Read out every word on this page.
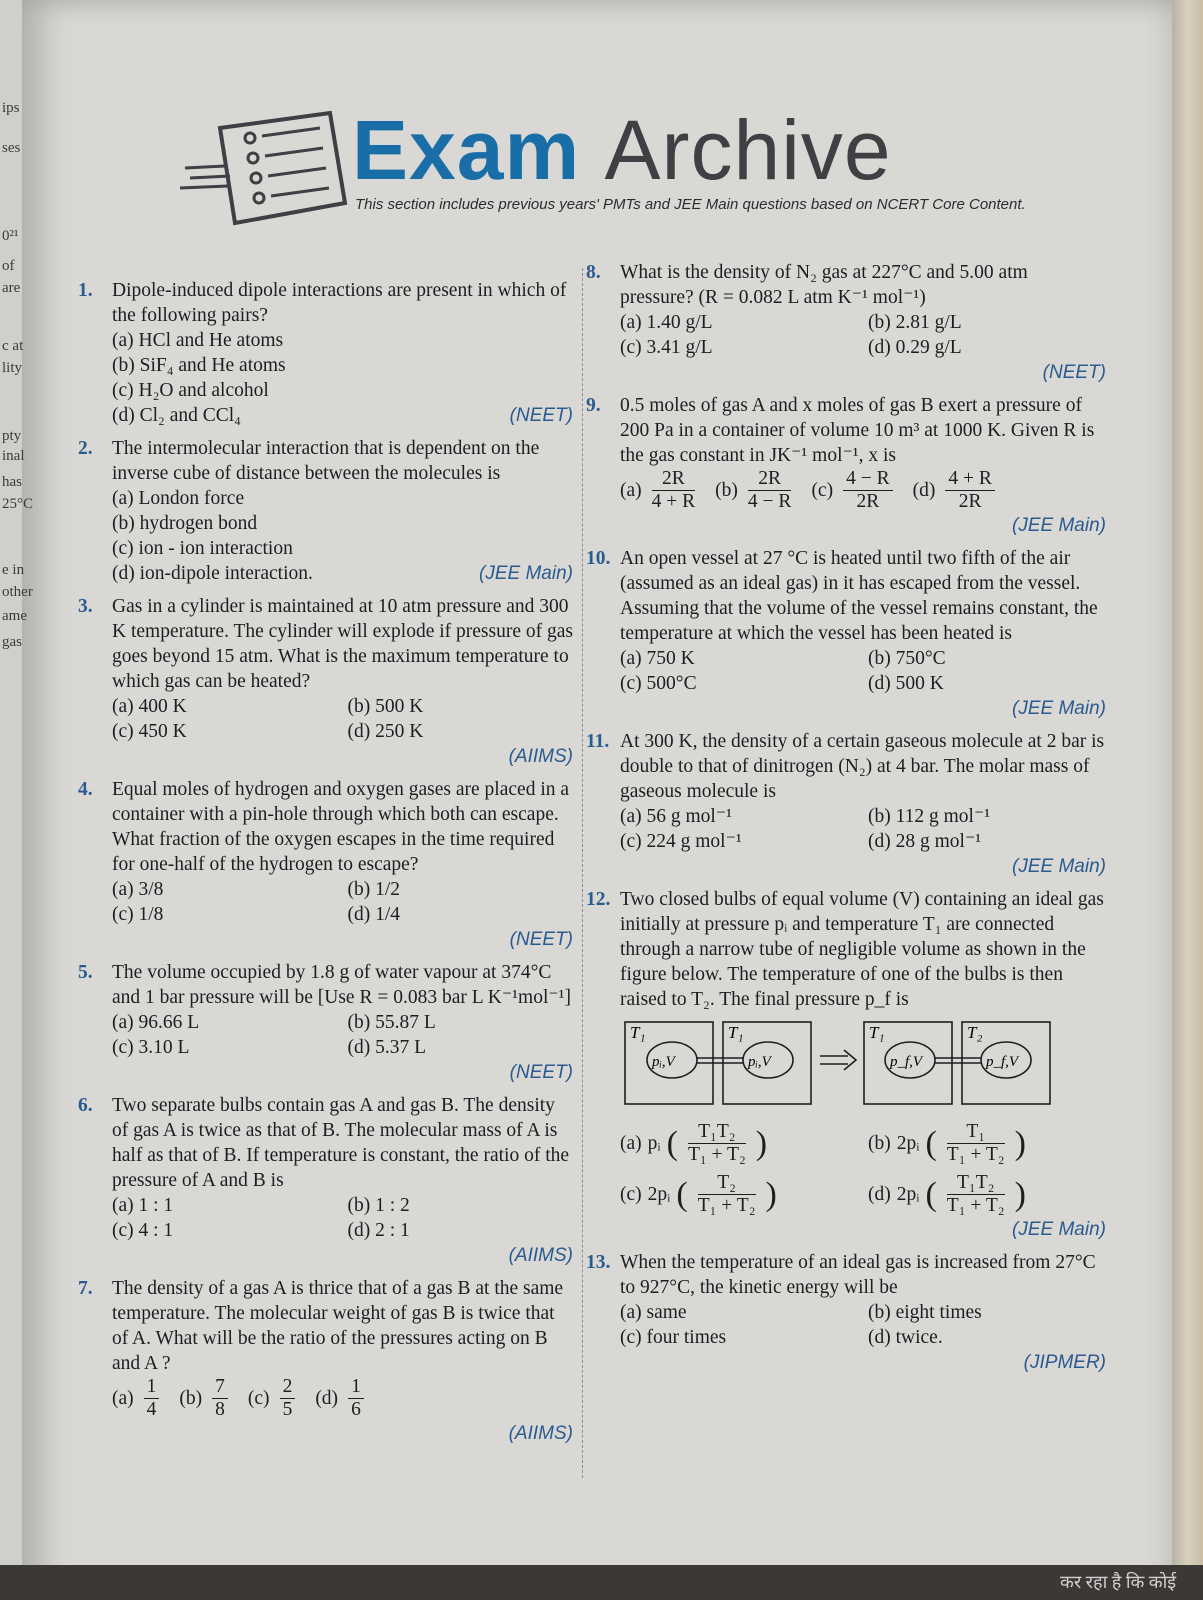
ips
ses
0²¹
of
are
c at
lity
pty
inal
has
25°C
e in
other
ame
gas
कर रहा है कि कोई
Exam Archive
This section includes previous years' PMTs and JEE Main questions based on NCERT Core Content.
1. Dipole-induced dipole interactions are present in which of the following pairs?
(a) HCl and He atoms
(b) SiF₄ and He atoms
(c) H₂O and alcohol
(d) Cl₂ and CCl₄	(NEET)
2. The intermolecular interaction that is dependent on the inverse cube of distance between the molecules is
(a) London force
(b) hydrogen bond
(c) ion - ion interaction
(d) ion-dipole interaction.	(JEE Main)
3. Gas in a cylinder is maintained at 10 atm pressure and 300 K temperature. The cylinder will explode if pressure of gas goes beyond 15 atm. What is the maximum temperature to which gas can be heated?
(a) 400 K	(b) 500 K
(c) 450 K	(d) 250 K
(AIIMS)
4. Equal moles of hydrogen and oxygen gases are placed in a container with a pin-hole through which both can escape. What fraction of the oxygen escapes in the time required for one-half of the hydrogen to escape?
(a) 3/8	(b) 1/2
(c) 1/8	(d) 1/4
(NEET)
5. The volume occupied by 1.8 g of water vapour at 374°C and 1 bar pressure will be [Use R = 0.083 bar L K⁻¹mol⁻¹]
(a) 96.66 L	(b) 55.87 L
(c) 3.10 L	(d) 5.37 L
(NEET)
6. Two separate bulbs contain gas A and gas B. The density of gas A is twice as that of B. The molecular mass of A is half as that of B. If temperature is constant, the ratio of the pressure of A and B is
(a) 1 : 1	(b) 1 : 2
(c) 4 : 1	(d) 2 : 1
(AIIMS)
7. The density of a gas A is thrice that of a gas B at the same temperature. The molecular weight of gas B is twice that of A. What will be the ratio of the pressures acting on B and A ?
$(a) \frac{1}{4} (b) \frac{7}{8} (c) \frac{2}{5} (d) \frac{1}{6}$
(AIIMS)
8. What is the density of N₂ gas at 227°C and 5.00 atm pressure? (R = 0.082 L atm K⁻¹ mol⁻¹)
(a) 1.40 g/L	(b) 2.81 g/L
(c) 3.41 g/L	(d) 0.29 g/L
(NEET)
9. 0.5 moles of gas A and x moles of gas B exert a pressure of 200 Pa in a container of volume 10 m³ at 1000 K. Given R is the gas constant in JK⁻¹ mol⁻¹, x is
$(a) \frac{2R}{4 + R} (b) \frac{2R}{4 - R} (c) \frac{4 - R}{2R} (d) \frac{4 + R}{2R}$
(JEE Main)
10. An open vessel at 27 °C is heated until two fifth of the air (assumed as an ideal gas) in it has escaped from the vessel. Assuming that the volume of the vessel remains constant, the temperature at which the vessel has been heated is
(a) 750 K	(b) 750°C
(c) 500°C	(d) 500 K
(JEE Main)
11. At 300 K, the density of a certain gaseous molecule at 2 bar is double to that of dinitrogen (N₂) at 4 bar. The molar mass of gaseous molecule is
(a) 56 g mol⁻¹	(b) 112 g mol⁻¹
(c) 224 g mol⁻¹	(d) 28 g mol⁻¹
(JEE Main)
12. Two closed bulbs of equal volume (V) containing an ideal gas initially at pressure pᵢ and temperature T₁ are connected through a narrow tube of negligible volume as shown in the figure below. The temperature of one of the bulbs is then raised to T₂. The final pressure p_f is
T₁	T₁
pᵢ,V	pᵢ,V
T₁	T₂
p_f,V	p_f,V
(a) pᵢ ( $\frac{\text{T₁T₂}}{\text{T₁ + T₂}}$ )	(b) 2pᵢ ( $\frac{\text{T₁}}{\text{T₁ + T₂}}$ )
(c) 2pᵢ ( $\frac{\text{T₂}}{\text{T₁ + T₂}}$ )	(d) 2pᵢ ( $\frac{\text{T₁T₂}}{\text{T₁ + T₂}}$ )
(JEE Main)
13. When the temperature of an ideal gas is increased from 27°C to 927°C, the kinetic energy will be
(a) same	(b) eight times
(c) four times	(d) twice.
(JIPMER)
